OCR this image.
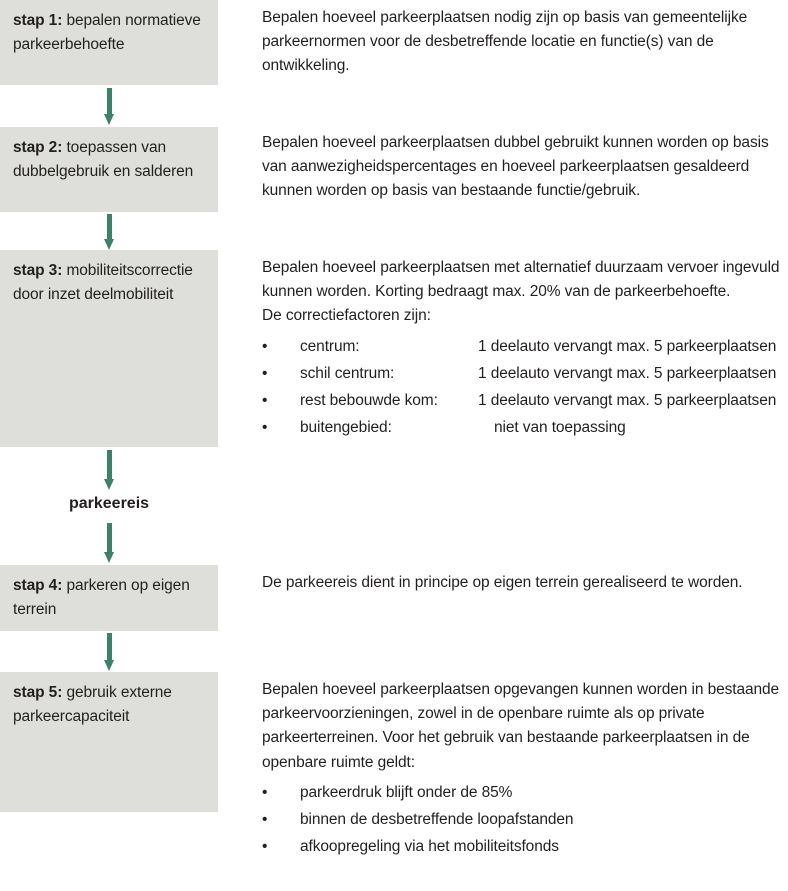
stap 1: bepalen normatieve parkeerbehoefte

Bepalen hoeveel parkeerplaatsen nodig zijn op basis van gemeentelijke parkeernormen voor de desbetreffende locatie en functie(s) van de ontwikkeling.

stap 2: toepassen van dubbelgebruik en salderen

Bepalen hoeveel parkeerplaatsen dubbel gebruikt kunnen worden op basis van aanwezigheidspercentages en hoeveel parkeerplaatsen gesaldeerd kunnen worden op basis van bestaande functie/gebruik.

stap 3: mobiliteitscorrectie door inzet deelmobiliteit

Bepalen hoeveel parkeerplaatsen met alternatief duurzaam vervoer ingevuld kunnen worden. Korting bedraagt max. 20% van de parkeerbehoefte.

De correctiefactoren zijn:

•	centrum:	1 deelauto vervangt max. 5 parkeerplaatsen
•	schil centrum:	1 deelauto vervangt max. 5 parkeerplaatsen
•	rest bebouwde kom:	1 deelauto vervangt max. 5 parkeerplaatsen
•	buitengebied:	niet van toepassing
parkeereis
stap 4: parkeren op eigen terrein

De parkeereis dient in principe op eigen terrein gerealiseerd te worden.

stap 5: gebruik externe parkeercapaciteit

Bepalen hoeveel parkeerplaatsen opgevangen kunnen worden in bestaande parkeervoorzieningen, zowel in de openbare ruimte als op private parkeerterreinen. Voor het gebruik van bestaande parkeerplaatsen in de openbare ruimte geldt:

•	parkeerdruk blijft onder de 85%
•	binnen de desbetreffende loopafstanden
•	afkoopregeling via het mobiliteitsfonds
